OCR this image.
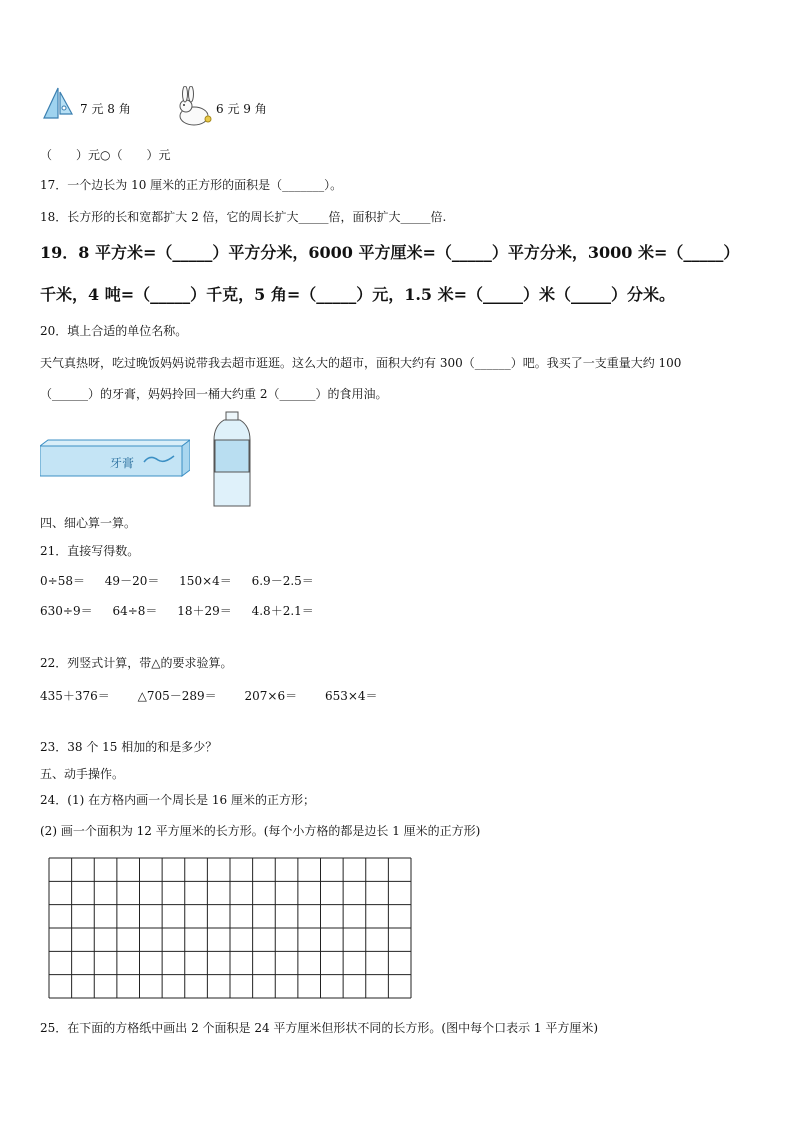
7 元 8 角	6 元 9 角
（　　）元○（　　）元
17．一个边长为 10 厘米的正方形的面积是（_______）。
18．长方形的长和宽都扩大 2 倍，它的周长扩大_____倍，面积扩大_____倍.
19．8 平方米=（_____）平方分米，6000 平方厘米=（_____）平方分米，3000 米=（_____）
千米，4 吨=（_____）千克，5 角=（_____）元，1.5 米=（_____）米（_____）分米。
20．填上合适的单位名称。
天气真热呀，吃过晚饭妈妈说带我去超市逛逛。这么大的超市，面积大约有 300（______）吧。我买了一支重量大约 100
（______）的牙膏，妈妈拎回一桶大约重 2（______）的食用油。
牙膏
四、细心算一算。
21．直接写得数。
0÷58＝ 49－20＝ 150×4＝ 6.9－2.5＝
630÷9＝ 64÷8＝ 18＋29＝ 4.8＋2.1＝
22．列竖式计算，带△的要求验算。
435＋376＝ △705－289＝ 207×6＝ 653×4＝
23．38 个 15 相加的和是多少？
五、动手操作。
24．(1) 在方格内画一个周长是 16 厘米的正方形；
(2) 画一个面积为 12 平方厘米的长方形。(每个小方格的都是边长 1 厘米的正方形)
25．在下面的方格纸中画出 2 个面积是 24 平方厘米但形状不同的长方形。(图中每个口表示 1 平方厘米)
